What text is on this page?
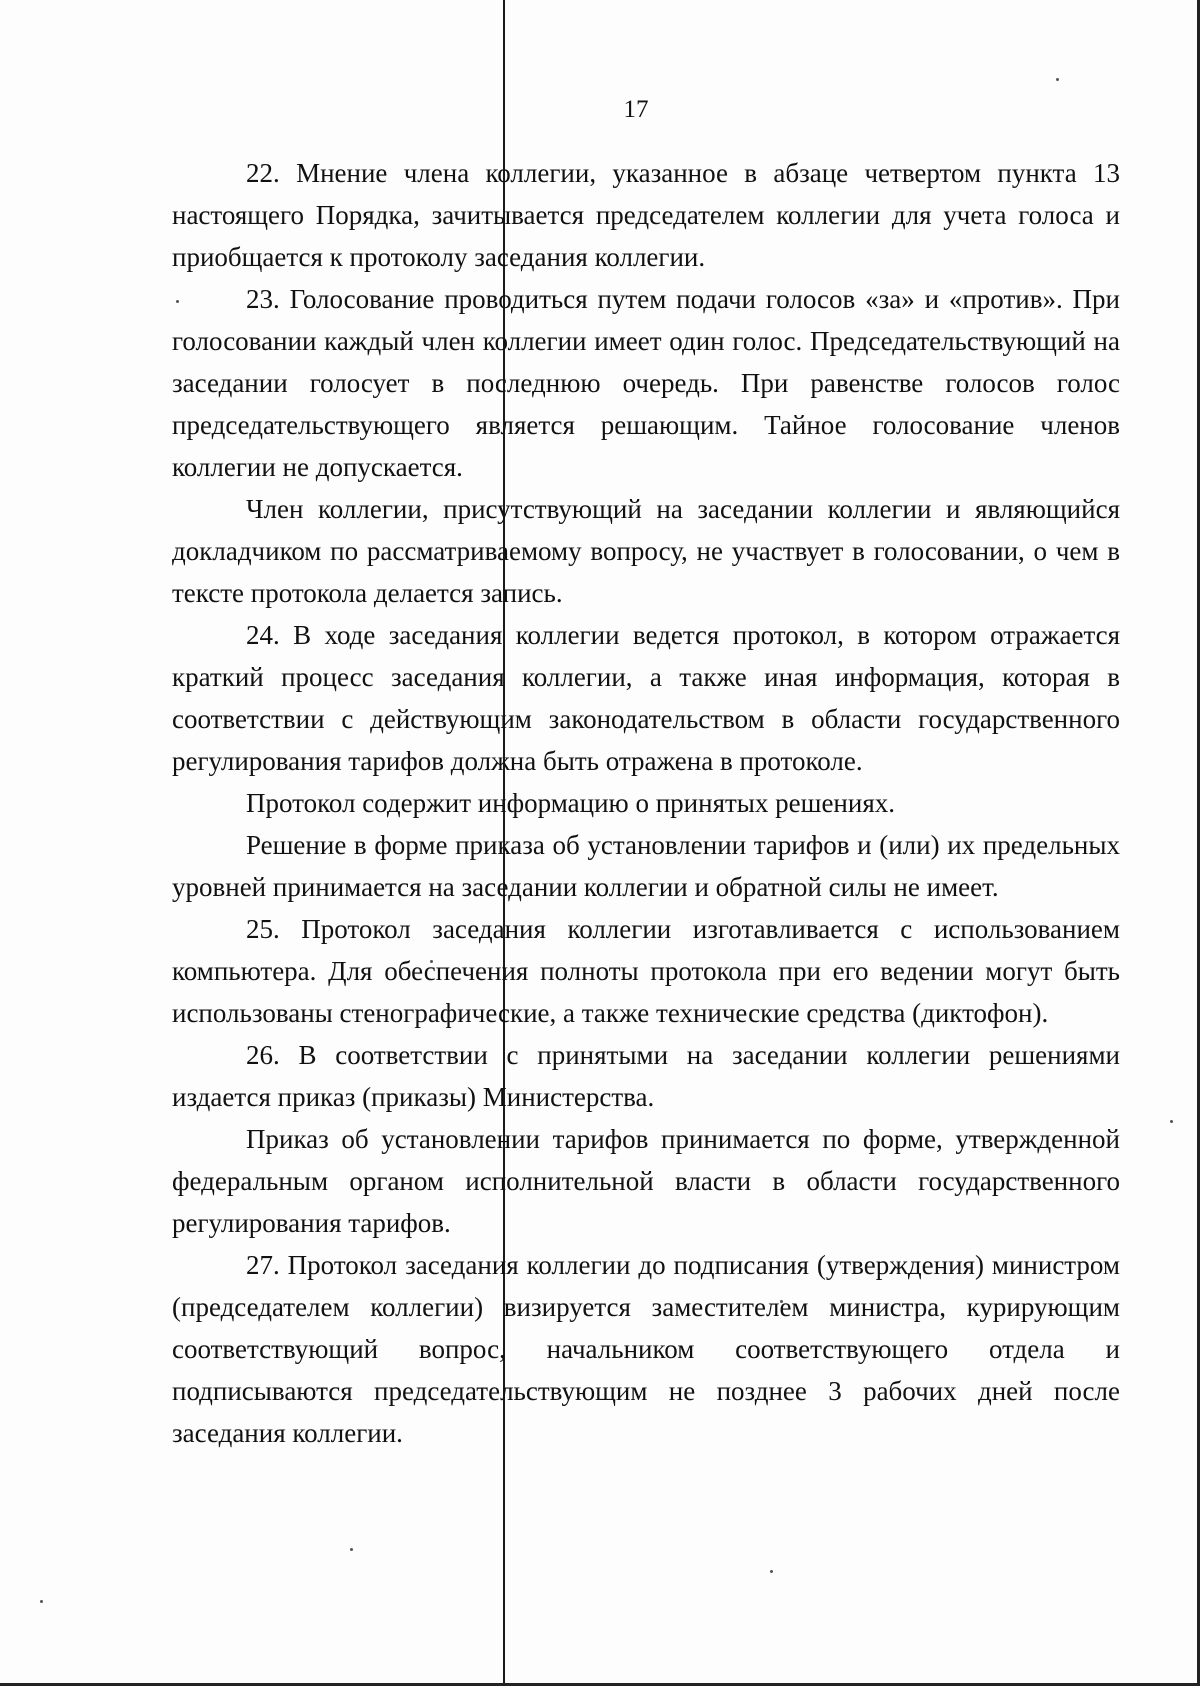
17

22. Мнение члена коллегии, указанное в абзаце четвертом пункта 13 настоящего Порядка, зачитывается председателем коллегии для учета голоса и приобщается к протоколу заседания коллегии.

23. Голосование проводиться путем подачи голосов «за» и «против». При голосовании каждый член коллегии имеет один голос. Председательствующий на заседании голосует в последнюю очередь. При равенстве голосов голос председательствующего является решающим. Тайное голосование членов коллегии не допускается.

Член коллегии, присутствующий на заседании коллегии и являющийся докладчиком по рассматриваемому вопросу, не участвует в голосовании, о чем в тексте протокола делается запись.

24. В ходе заседания коллегии ведется протокол, в котором отражается краткий процесс заседания коллегии, а также иная информация, которая в соответствии с действующим законодательством в области государственного регулирования тарифов должна быть отражена в протоколе.

Протокол содержит информацию о принятых решениях.

Решение в форме приказа об установлении тарифов и (или) их предельных уровней принимается на заседании коллегии и обратной силы не имеет.

25. Протокол заседания коллегии изготавливается с использованием компьютера. Для обеспечения полноты протокола при его ведении могут быть использованы стенографические, а также технические средства (диктофон).

26. В соответствии с принятыми на заседании коллегии решениями издается приказ (приказы) Министерства.

Приказ об установлении тарифов принимается по форме, утвержденной федеральным органом исполнительной власти в области государственного регулирования тарифов.

27. Протокол заседания коллегии до подписания (утверждения) министром (председателем коллегии) визируется заместителем министра, курирующим соответствующий вопрос, начальником соответствующего отдела и подписываются председательствующим не позднее 3 рабочих дней после заседания коллегии.
